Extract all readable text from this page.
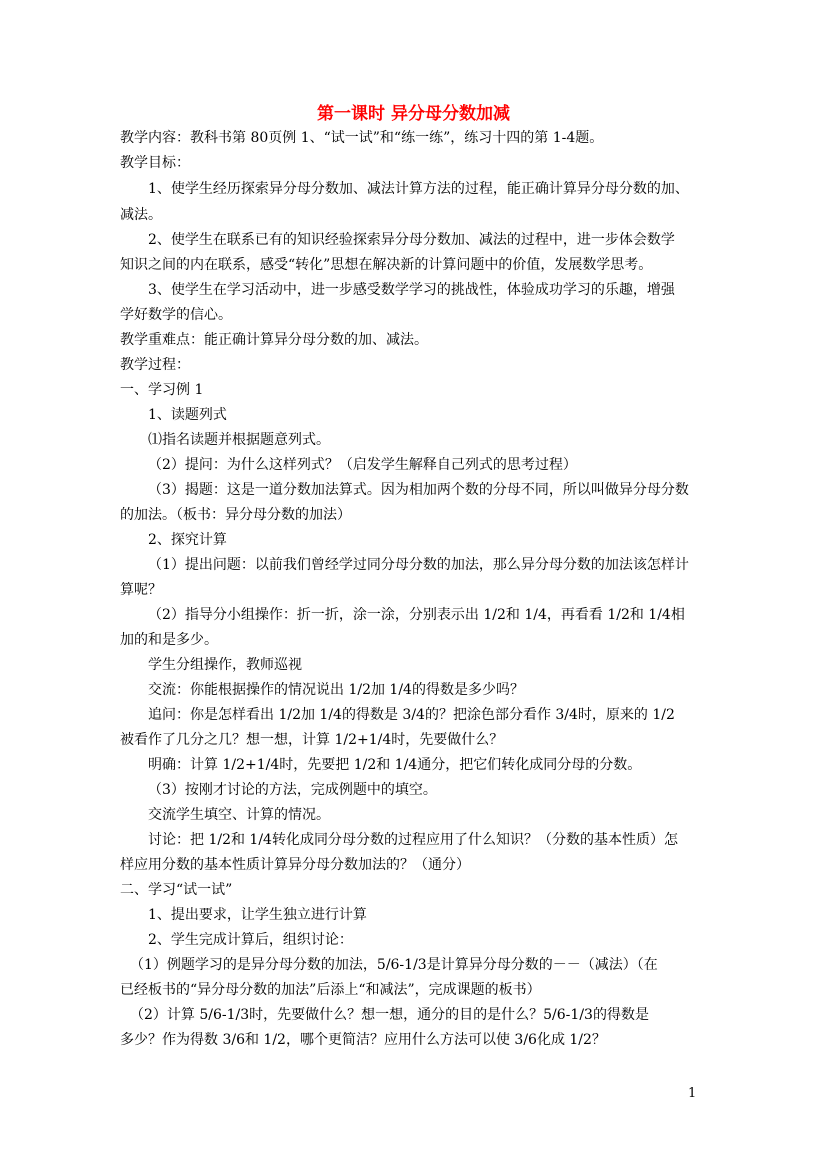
第一课时 异分母分数加减
教学内容：教科书第 80页例 1、“试一试”和“练一练”，练习十四的第 1-4题。
教学目标：
1、使学生经历探索异分母分数加、减法计算方法的过程，能正确计算异分母分数的加、
减法。
2、使学生在联系已有的知识经验探索异分母分数加、减法的过程中，进一步体会数学
知识之间的内在联系，感受“转化”思想在解决新的计算问题中的价值，发展数学思考。
3、使学生在学习活动中，进一步感受数学学习的挑战性，体验成功学习的乐趣，增强
学好数学的信心。
教学重难点：能正确计算异分母分数的加、减法。
教学过程：
一、学习例 1
1、读题列式
⑴指名读题并根据题意列式。
（2）提问：为什么这样列式？（启发学生解释自己列式的思考过程）
（3）揭题：这是一道分数加法算式。因为相加两个数的分母不同，所以叫做异分母分数
的加法。（板书：异分母分数的加法）
2、探究计算
（1）提出问题：以前我们曾经学过同分母分数的加法，那么异分母分数的加法该怎样计
算呢？
（2）指导分小组操作：折一折，涂一涂，分别表示出 1/2和 1/4，再看看 1/2和 1/4相
加的和是多少。
学生分组操作，教师巡视
交流：你能根据操作的情况说出 1/2加 1/4的得数是多少吗？
追问：你是怎样看出 1/2加 1/4的得数是 3/4的？把涂色部分看作 3/4时，原来的 1/2
被看作了几分之几？想一想，计算 1/2+1/4时，先要做什么？
明确：计算 1/2+1/4时，先要把 1/2和 1/4通分，把它们转化成同分母的分数。
（3）按刚才讨论的方法，完成例题中的填空。
交流学生填空、计算的情况。
讨论：把 1/2和 1/4转化成同分母分数的过程应用了什么知识？（分数的基本性质）怎
样应用分数的基本性质计算异分母分数加法的？（通分）
二、学习“试一试”
1、提出要求，让学生独立进行计算
2、学生完成计算后，组织讨论：
（1）例题学习的是异分母分数的加法，5/6-1/3是计算异分母分数的－－（减法）（在
已经板书的“异分母分数的加法”后添上“和减法”，完成课题的板书）
（2）计算 5/6-1/3时，先要做什么？想一想，通分的目的是什么？5/6-1/3的得数是
多少？作为得数 3/6和 1/2，哪个更简洁？应用什么方法可以使 3/6化成 1/2？
1
